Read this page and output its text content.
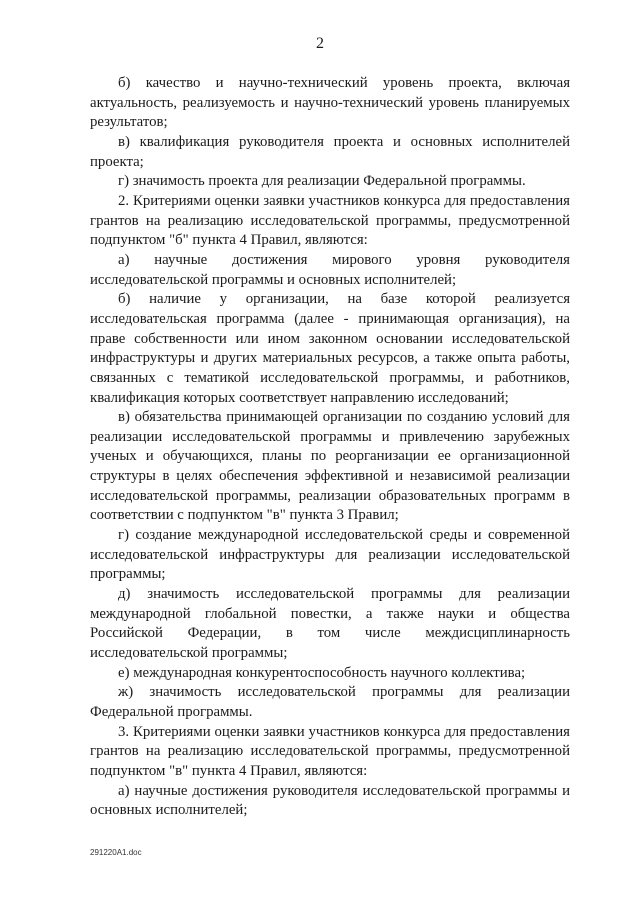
2

б) качество и научно-технический уровень проекта, включая актуальность, реализуемость и научно-технический уровень планируемых результатов;

в) квалификация руководителя проекта и основных исполнителей проекта;

г) значимость проекта для реализации Федеральной программы.

2. Критериями оценки заявки участников конкурса для предоставления грантов на реализацию исследовательской программы, предусмотренной подпунктом "б" пункта 4 Правил, являются:

а) научные достижения мирового уровня руководителя исследовательской программы и основных исполнителей;

б) наличие у организации, на базе которой реализуется исследовательская программа (далее - принимающая организация), на праве собственности или ином законном основании исследовательской инфраструктуры и других материальных ресурсов, а также опыта работы, связанных с тематикой исследовательской программы, и работников, квалификация которых соответствует направлению исследований;

в) обязательства принимающей организации по созданию условий для реализации исследовательской программы и привлечению зарубежных ученых и обучающихся, планы по реорганизации ее организационной структуры в целях обеспечения эффективной и независимой реализации исследовательской программы, реализации образовательных программ в соответствии с подпунктом "в" пункта 3 Правил;

г) создание международной исследовательской среды и современной исследовательской инфраструктуры для реализации исследовательской программы;

д) значимость исследовательской программы для реализации международной глобальной повестки, а также науки и общества Российской Федерации, в том числе междисциплинарность исследовательской программы;

е) международная конкурентоспособность научного коллектива;

ж) значимость исследовательской программы для реализации Федеральной программы.

3. Критериями оценки заявки участников конкурса для предоставления грантов на реализацию исследовательской программы, предусмотренной подпунктом "в" пункта 4 Правил, являются:

а) научные достижения руководителя исследовательской программы и основных исполнителей;

291220A1.doc
